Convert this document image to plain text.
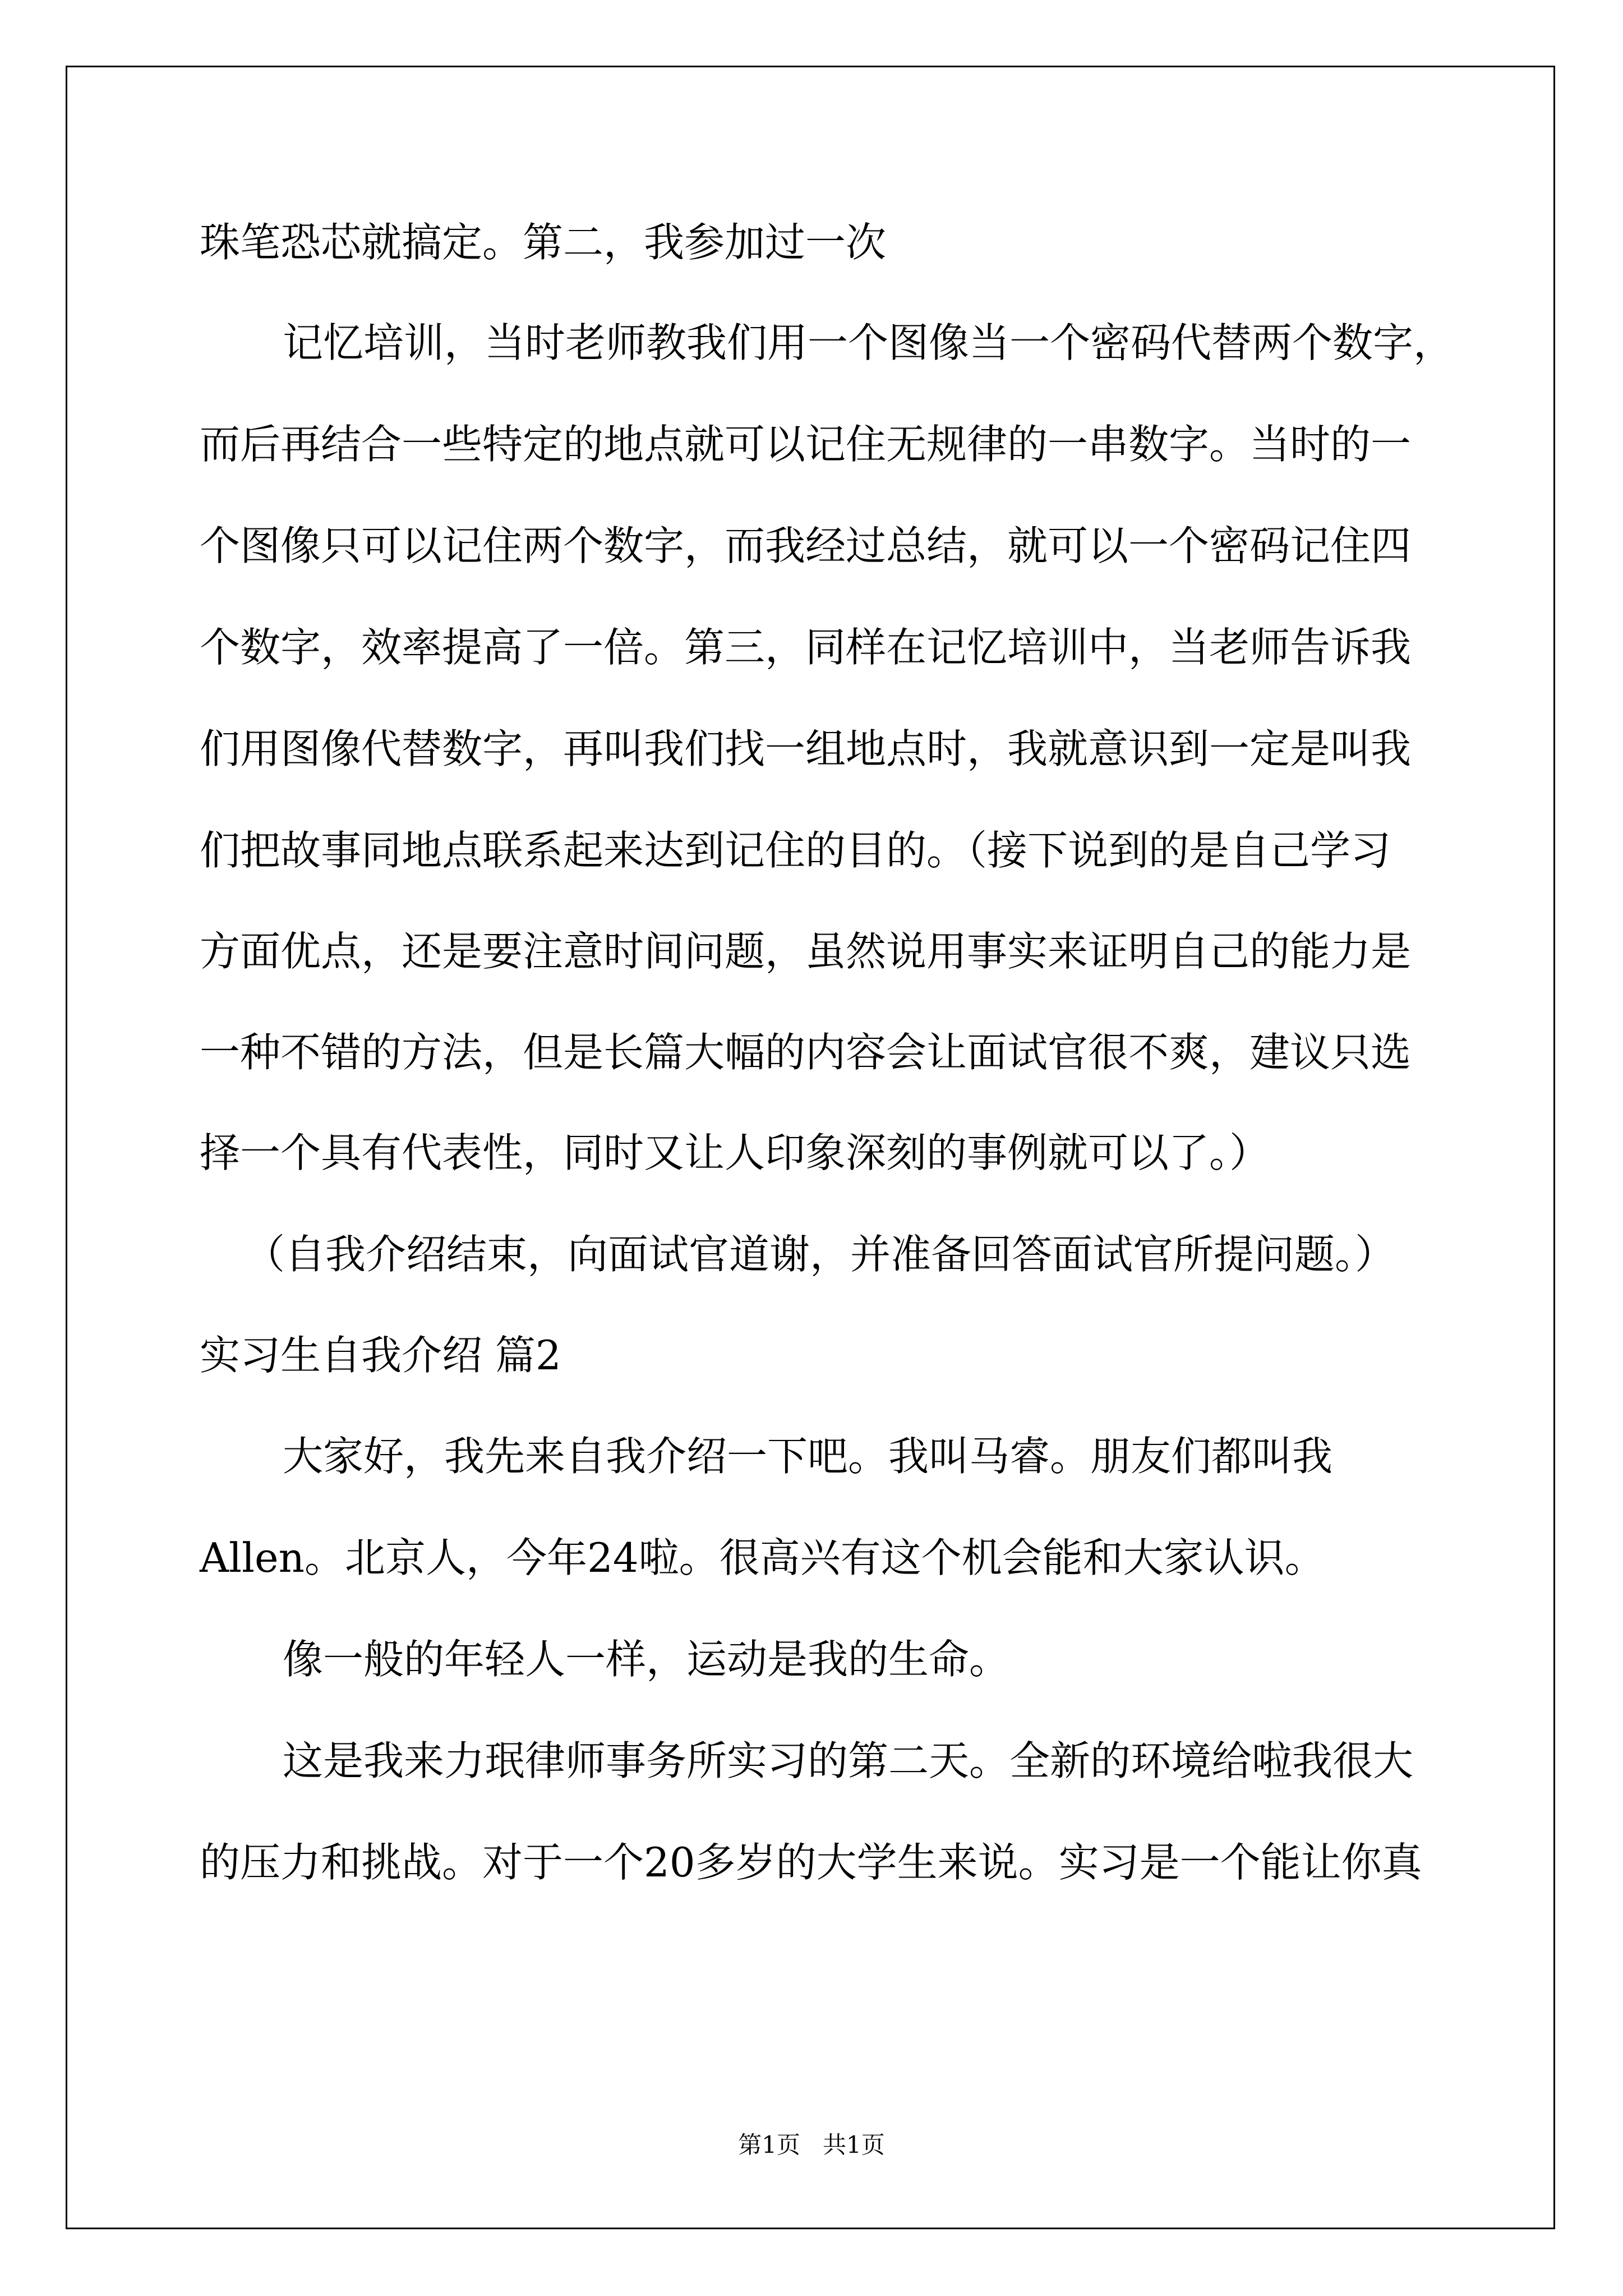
珠笔恐芯就搞定。第二，我参加过一次
记忆培训，当时老师教我们用一个图像当一个密码代替两个数字，
而后再结合一些特定的地点就可以记住无规律的一串数字。当时的一
个图像只可以记住两个数字，而我经过总结，就可以一个密码记住四
个数字，效率提高了一倍。第三，同样在记忆培训中，当老师告诉我
们用图像代替数字，再叫我们找一组地点时，我就意识到一定是叫我
们把故事同地点联系起来达到记住的目的。（接下说到的是自己学习
方面优点，还是要注意时间问题，虽然说用事实来证明自己的能力是
一种不错的方法，但是长篇大幅的内容会让面试官很不爽，建议只选
择一个具有代表性，同时又让人印象深刻的事例就可以了。）
（自我介绍结束，向面试官道谢，并准备回答面试官所提问题。）
实习生自我介绍 篇2
大家好，我先来自我介绍一下吧。我叫马睿。朋友们都叫我
Allen。北京人，今年24啦。很高兴有这个机会能和大家认识。
像一般的年轻人一样，运动是我的生命。
这是我来力珉律师事务所实习的第二天。全新的环境给啦我很大
的压力和挑战。对于一个20多岁的大学生来说。实习是一个能让你真
第1页   共1页
